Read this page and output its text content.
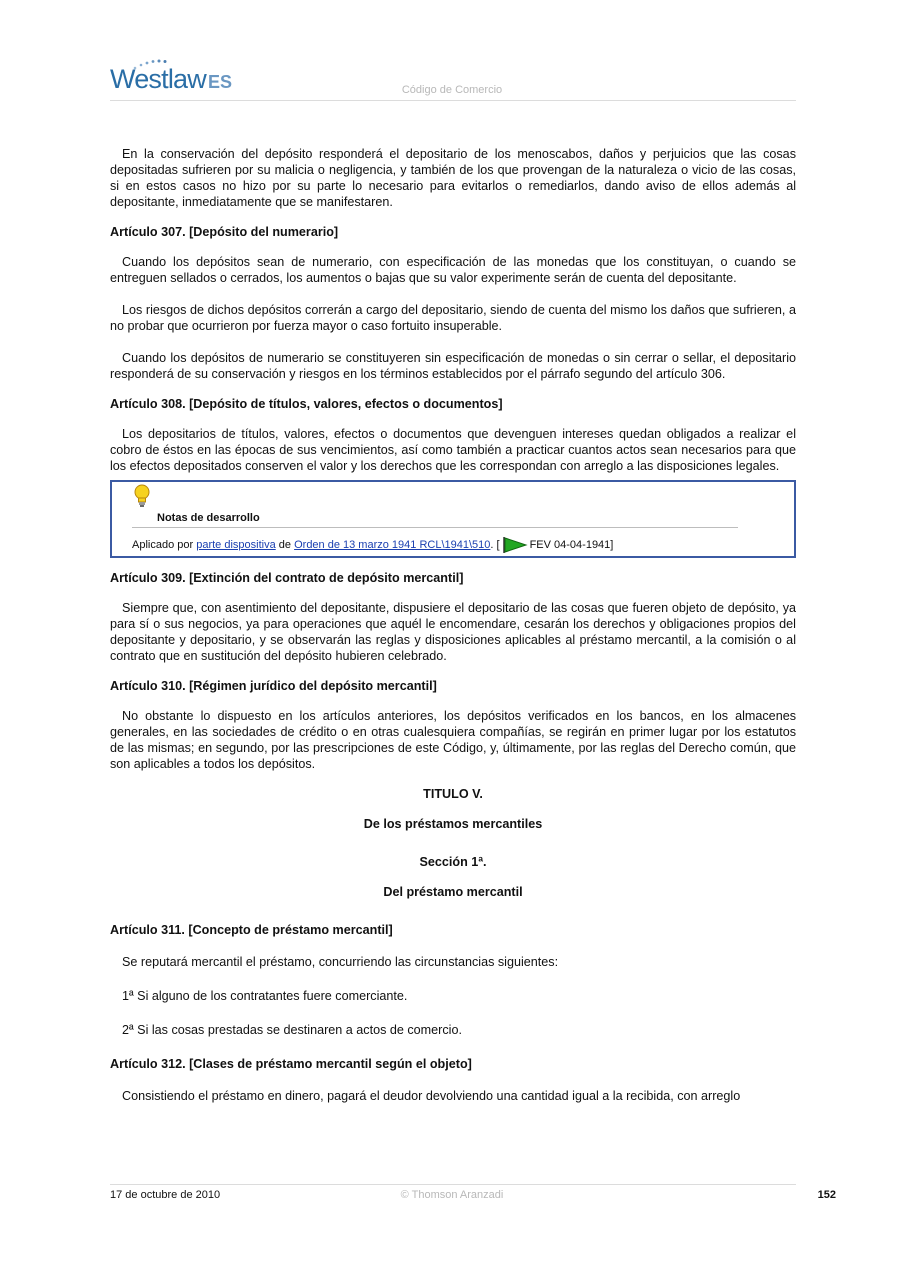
Westlaw ES	Código de Comercio

En la conservación del depósito responderá el depositario de los menoscabos, daños y perjuicios que las cosas depositadas sufrieren por su malicia o negligencia, y también de los que provengan de la naturaleza o vicio de las cosas, si en estos casos no hizo por su parte lo necesario para evitarlos o remediarlos, dando aviso de ellos además al depositante, inmediatamente que se manifestaren.

Artículo 307. [Depósito del numerario]

Cuando los depósitos sean de numerario, con especificación de las monedas que los constituyan, o cuando se entreguen sellados o cerrados, los aumentos o bajas que su valor experimente serán de cuenta del depositante.

Los riesgos de dichos depósitos correrán a cargo del depositario, siendo de cuenta del mismo los daños que sufrieren, a no probar que ocurrieron por fuerza mayor o caso fortuito insuperable.

Cuando los depósitos de numerario se constituyeren sin especificación de monedas o sin cerrar o sellar, el depositario responderá de su conservación y riesgos en los términos establecidos por el párrafo segundo del artículo 306.

Artículo 308. [Depósito de títulos, valores, efectos o documentos]

Los depositarios de títulos, valores, efectos o documentos que devenguen intereses quedan obligados a realizar el cobro de éstos en las épocas de sus vencimientos, así como también a practicar cuantos actos sean necesarios para que los efectos depositados conserven el valor y los derechos que les correspondan con arreglo a las disposiciones legales.

Notas de desarrollo
Aplicado por parte dispositiva de Orden de 13 marzo 1941 RCL\1941\510. [	FEV 04-04-1941]

Artículo 309. [Extinción del contrato de depósito mercantil]

Siempre que, con asentimiento del depositante, dispusiere el depositario de las cosas que fueren objeto de depósito, ya para sí o sus negocios, ya para operaciones que aquél le encomendare, cesarán los derechos y obligaciones propios del depositante y depositario, y se observarán las reglas y disposiciones aplicables al préstamo mercantil, a la comisión o al contrato que en sustitución del depósito hubieren celebrado.

Artículo 310. [Régimen jurídico del depósito mercantil]

No obstante lo dispuesto en los artículos anteriores, los depósitos verificados en los bancos, en los almacenes generales, en las sociedades de crédito o en otras cualesquiera compañías, se regirán en primer lugar por los estatutos de las mismas; en segundo, por las prescripciones de este Código, y, últimamente, por las reglas del Derecho común, que son aplicables a todos los depósitos.

TITULO V.

De los préstamos mercantiles

Sección 1ª.

Del préstamo mercantil

Artículo 311. [Concepto de préstamo mercantil]

Se reputará mercantil el préstamo, concurriendo las circunstancias siguientes:

1ª Si alguno de los contratantes fuere comerciante.

2ª Si las cosas prestadas se destinaren a actos de comercio.

Artículo 312. [Clases de préstamo mercantil según el objeto]

Consistiendo el préstamo en dinero, pagará el deudor devolviendo una cantidad igual a la recibida, con arreglo

17 de octubre de 2010	© Thomson Aranzadi	152
